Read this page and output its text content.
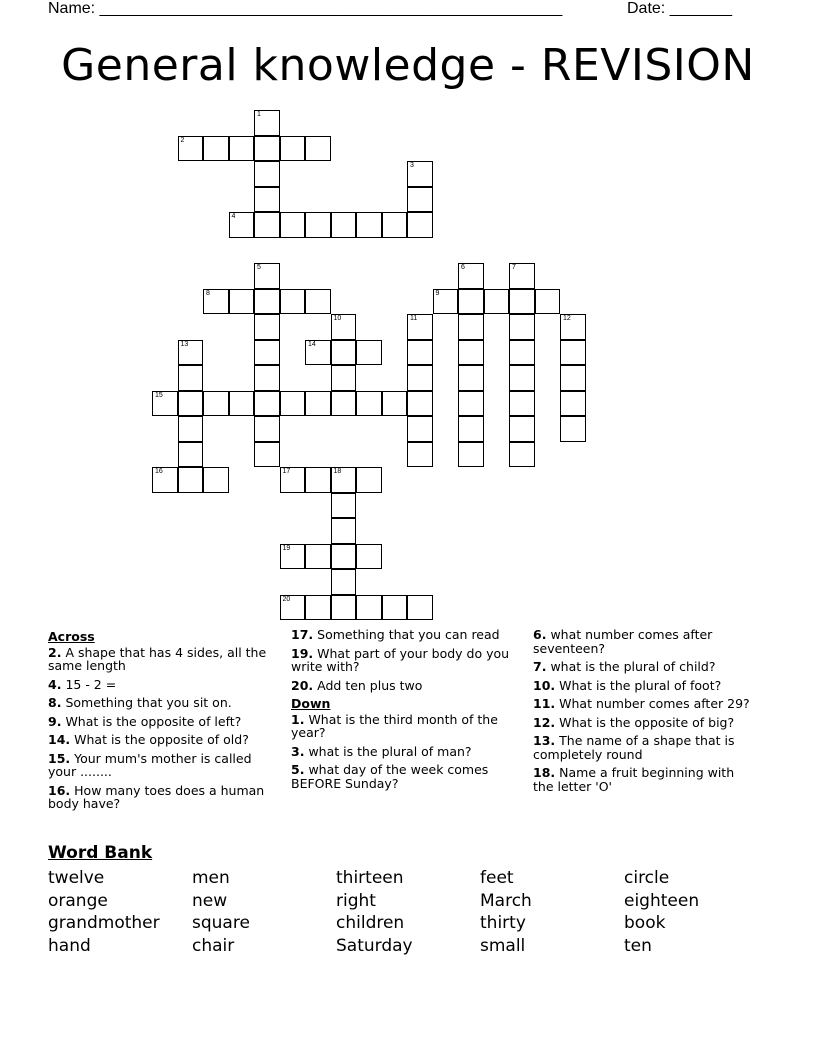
Name: ____________________________________________________	Date: _______
General knowledge - REVISION
1
2
3
4
5	6	7
8	9
10	11	12
13	14
15
16	17	18
19
20
Across
2. A shape that has 4 sides, all the same length
4. 15 - 2 =
8. Something that you sit on.
9. What is the opposite of left?
14. What is the opposite of old?
15. Your mum's mother is called your ........
16. How many toes does a human body have?
17. Something that you can read
19. What part of your body do you write with?
20. Add ten plus two
Down
1. What is the third month of the year?
3. what is the plural of man?
5. what day of the week comes BEFORE Sunday?
6. what number comes after seventeen?
7. what is the plural of child?
10. What is the plural of foot?
11. What number comes after 29?
12. What is the opposite of big?
13. The name of a shape that is completely round
18. Name a fruit beginning with the letter 'O'
Word Bank
twelve	men	thirteen	feet	circle
orange	new	right	March	eighteen
grandmother	square	children	thirty	book
hand	chair	Saturday	small	ten
